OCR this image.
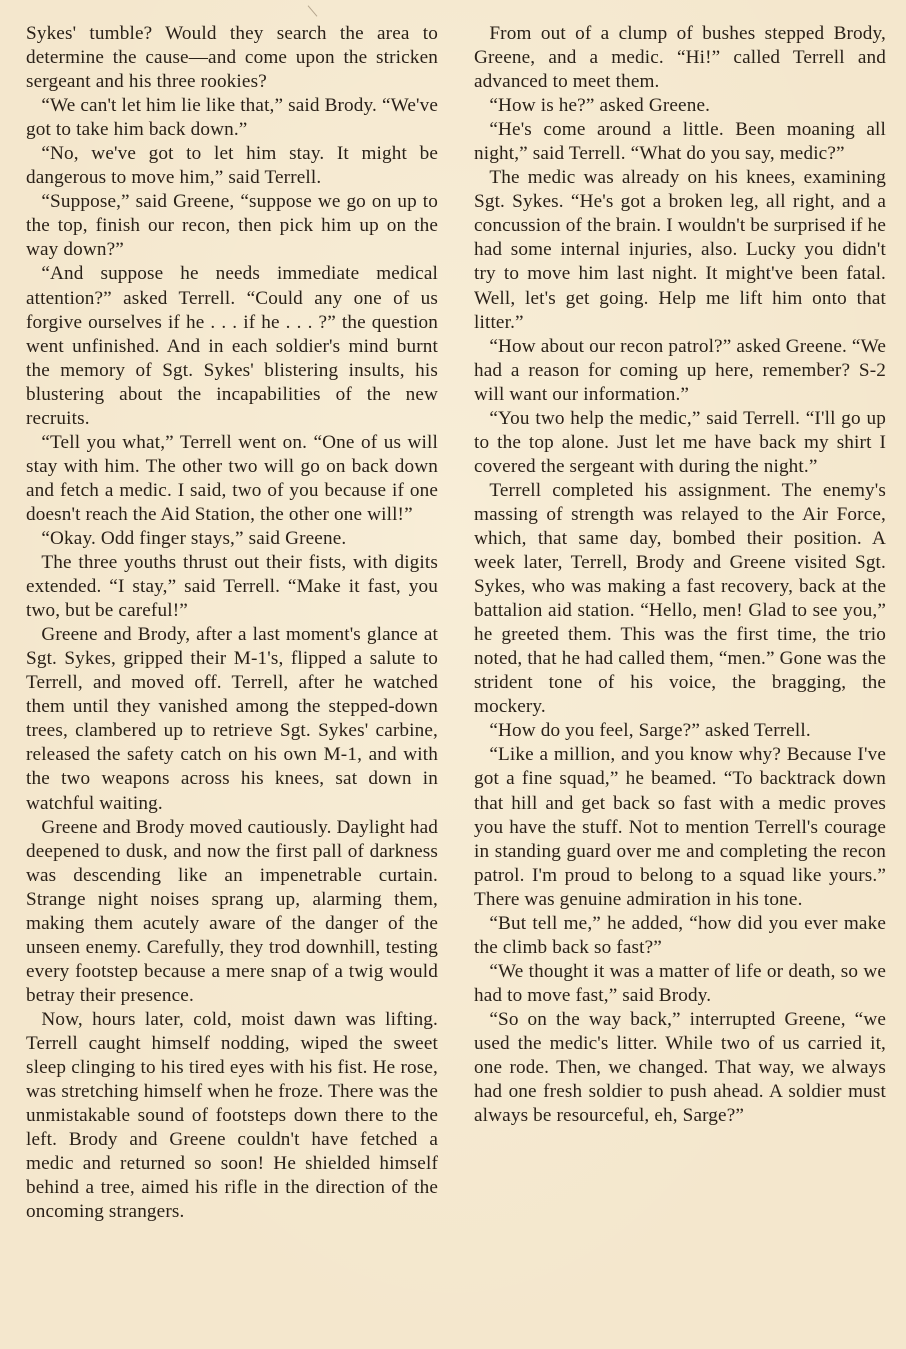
Sykes' tumble? Would they search the area to determine the cause—and come upon the stricken sergeant and his three rookies?

“We can't let him lie like that,” said Brody. “We've got to take him back down.”

“No, we've got to let him stay. It might be dangerous to move him,” said Terrell.

“Suppose,” said Greene, “suppose we go on up to the top, finish our recon, then pick him up on the way down?”

“And suppose he needs immediate medical attention?” asked Terrell. “Could any one of us forgive ourselves if he . . . if he . . . ?” the question went unfinished. And in each soldier's mind burnt the memory of Sgt. Sykes' blistering insults, his blustering about the incapabilities of the new recruits.

“Tell you what,” Terrell went on. “One of us will stay with him. The other two will go on back down and fetch a medic. I said, two of you because if one doesn't reach the Aid Station, the other one will!”

“Okay. Odd finger stays,” said Greene.

The three youths thrust out their fists, with digits extended. “I stay,” said Terrell. “Make it fast, you two, but be careful!”

Greene and Brody, after a last moment's glance at Sgt. Sykes, gripped their M-1's, flipped a salute to Terrell, and moved off. Terrell, after he watched them until they vanished among the stepped-down trees, clambered up to retrieve Sgt. Sykes' carbine, released the safety catch on his own M-1, and with the two weapons across his knees, sat down in watchful waiting.

Greene and Brody moved cautiously. Daylight had deepened to dusk, and now the first pall of darkness was descending like an impenetrable curtain. Strange night noises sprang up, alarming them, making them acutely aware of the danger of the unseen enemy. Carefully, they trod downhill, testing every footstep because a mere snap of a twig would betray their presence.

Now, hours later, cold, moist dawn was lifting. Terrell caught himself nodding, wiped the sweet sleep clinging to his tired eyes with his fist. He rose, was stretching himself when he froze. There was the unmistakable sound of footsteps down there to the left. Brody and Greene couldn't have fetched a medic and returned so soon! He shielded himself behind a tree, aimed his rifle in the direction of the oncoming strangers.

From out of a clump of bushes stepped Brody, Greene, and a medic. “Hi!” called Terrell and advanced to meet them.

“How is he?” asked Greene.

“He's come around a little. Been moaning all night,” said Terrell. “What do you say, medic?”

The medic was already on his knees, examining Sgt. Sykes. “He's got a broken leg, all right, and a concussion of the brain. I wouldn't be surprised if he had some internal injuries, also. Lucky you didn't try to move him last night. It might've been fatal. Well, let's get going. Help me lift him onto that litter.”

“How about our recon patrol?” asked Greene. “We had a reason for coming up here, remember? S-2 will want our information.”

“You two help the medic,” said Terrell. “I'll go up to the top alone. Just let me have back my shirt I covered the sergeant with during the night.”

Terrell completed his assignment. The enemy's massing of strength was relayed to the Air Force, which, that same day, bombed their position. A week later, Terrell, Brody and Greene visited Sgt. Sykes, who was making a fast recovery, back at the battalion aid station. “Hello, men! Glad to see you,” he greeted them. This was the first time, the trio noted, that he had called them, “men.” Gone was the strident tone of his voice, the bragging, the mockery.

“How do you feel, Sarge?” asked Terrell.

“Like a million, and you know why? Because I've got a fine squad,” he beamed. “To backtrack down that hill and get back so fast with a medic proves you have the stuff. Not to mention Terrell's courage in standing guard over me and completing the recon patrol. I'm proud to belong to a squad like yours.” There was genuine admiration in his tone.

“But tell me,” he added, “how did you ever make the climb back so fast?”

“We thought it was a matter of life or death, so we had to move fast,” said Brody.

“So on the way back,” interrupted Greene, “we used the medic's litter. While two of us carried it, one rode. Then, we changed. That way, we always had one fresh soldier to push ahead. A soldier must always be resourceful, eh, Sarge?”
